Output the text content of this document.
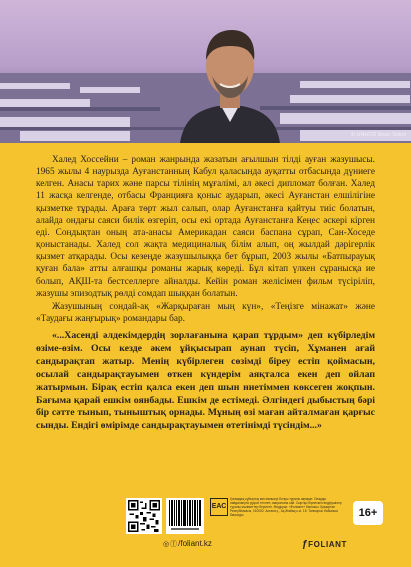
© UNHCR Brian Sokol

Халед Хоссейни – роман жанрында жазатын ағылшын тілді ауған жазушысы. 1965 жылы 4 наурызда Ауғанстанның Кабул қаласында ауқатты отбасында дүниеге келген. Анасы тарих және парсы тілінің мұғалімі, ал әкесі дипломат болған. Халед 11 жасқа келгенде, отбасы Францияға қоныс аударып, әкесі Ауғанстан елшілігіне қызметке тұрады. Араға төрт жыл салып, олар Ауғанстанға қайтуы тиіс болатын, алайда ондағы саяси билік өзгеріп, осы екі ортада Ауғанстанға Кеңес әскері кірген еді. Сондықтан оның ата-анасы Америкадан саяси баспана сұрап, Сан-Хоседе қоныстанады. Халед сол жақта медициналық білім алып, оң жылдай дәрігерлік қызмет атқарады. Осы кезеңде жазушылыққа бет бұрып, 2003 жылы «Батпырауық қуған бала» атты алғашқы романы жарық көреді. Бұл кітап үлкен сұранысқа ие болып, АҚШ-та бестселлерге айналды. Кейін роман желісімен фильм түсіріліп, жазушы эпизодтық рөлді сомдап шыққан болатын.

Жазушының сондай-ақ «Жарқыраған мың күн», «Теңізге мінажат» және «Таудағы жаңғырық» романдары бар.

«...Хасенді әлдекімдердің зорлағанына қарап тұрдым» деп күбірледім өзіме-өзім. Осы кезде әкем ұйқысырап аунап түсіп, Хұманен ағай сандырақтап жатыр. Менің күбірлеген сөзімді біреу естіп қоймасын, осылай сандырақтауымен өткен күндерім аяқталса екен деп ойлап жатырмын. Бірақ естіп қалса екен деп шын ниетіммен көксеген жоқпын. Бағыма қарай ешкім оянбады. Ешкім де естімеді. Әлгіндегі дыбыстың бәрі бір сәтте тынып, тыныштық орнады. Мұның өзі маған айталмаған қарғыс сынды. Ендігі өмірімде сандырақтауымен өтетінімді түсіндім...»

ЕАС
Қоғамдық сұйықтық көп мөлшері болуы туралы ақпарат. Оларды пайдалануға рұқсат етілген, мақсатына сай. Сыртқы бірлескен өндірушілер туралы мәліметтер берілген. Өндіруші: «Фолиант» баспасы. Қазақстан Республикасы, 010000, Астана қ., Ақ-Жайық к-сі, 15. Тапсырыс бойынша басылды.	16+
◎ⓕ/foliant.kz	ƒFOLIANT
